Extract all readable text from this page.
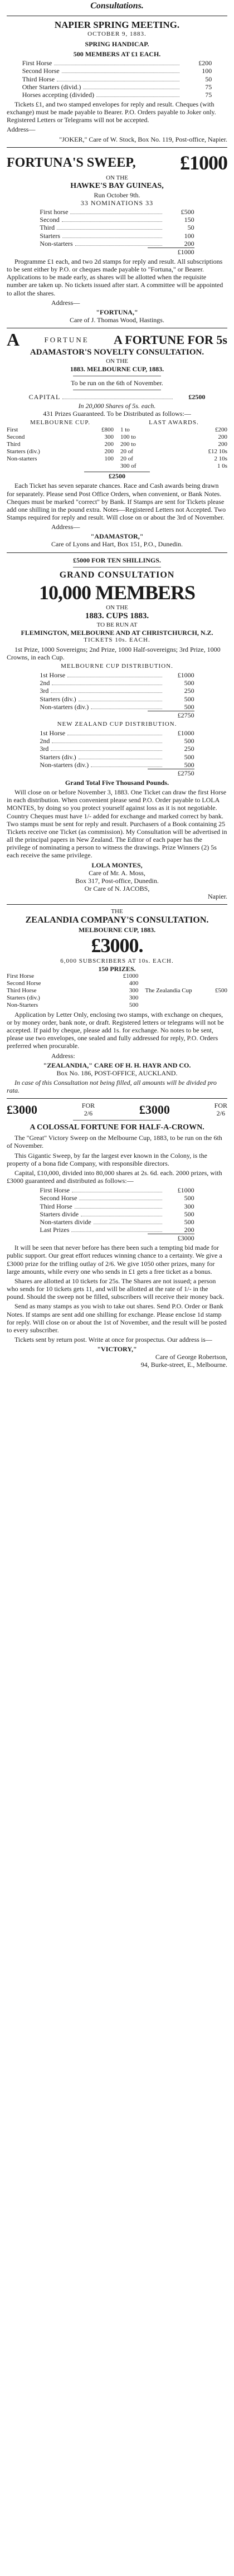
Consultations.
NAPIER SPRING MEETING.
OCTOBER 9, 1883.
SPRING HANDICAP.
500 MEMBERS AT £1 EACH.
First Horse	£200
Second Horse	100
Third Horse	50
Other Starters (divid.)	75
Horses accepting (divided)	75
Tickets £1, and two stamped envelopes for reply and result. Cheques (with exchange) must be made payable to Bearer. P.O. Orders payable to Joker only. Registered Letters or Telegrams will not be accepted.
Address—
"JOKER," Care of W. Stock, Box No. 119, Post-office, Napier.
FORTUNA'S SWEEP, £1000
ON THE
HAWKE'S BAY GUINEAS,
Run October 9th.
33 NOMINATIONS 33
First horse	£500
Second	150
Third	50
Starters	100
Non-starters	200
£1000
Programme £1 each, and two 2d stamps for reply and result. All subscriptions to be sent either by P.O. or cheques made payable to "Fortuna," or Bearer. Applications to be made early, as shares will be allotted when the requisite number are taken up. No tickets issued after start. A committee will be appointed to allot the shares.
Address—
"FORTUNA,"
Care of J. Thomas Wood, Hastings.
A	FORTUNE	A FORTUNE FOR 5s
ADAMASTOR'S NOVELTY CONSULTATION.
ON THE
1883. MELBOURNE CUP, 1883.
To be run on the 6th of November.
CAPITAL	£2500
In 20,000 Shares of 5s. each.
431 Prizes Guaranteed. To be Distributed as follows:—
MELBOURNE CUP.
First	£800
Second	300
Third	200
Starters (div.)	200
Non-starters	100
LAST AWARDS.
1 to	£200
100 to	200
200 to	200
20 of	£12 10s
20 of	2 10s
300 of	1 0s
£2500
Each Ticket has seven separate chances. Race and Cash awards being drawn for separately. Please send Post Office Orders, when convenient, or Bank Notes. Cheques must be marked "correct" by Bank. If Stamps are sent for Tickets please add one shilling in the pound extra. Notes—Registered Letters not Accepted. Two Stamps required for reply and result. Will close on or about the 3rd of November.
Address—
"ADAMASTOR,"
Care of Lyons and Hart, Box 151, P.O., Dunedin.
£5000 FOR TEN SHILLINGS.
GRAND CONSULTATION
10,000 MEMBERS
ON THE
1883. CUPS 1883.
TO BE RUN AT
FLEMINGTON, MELBOURNE AND AT CHRISTCHURCH, N.Z.
TICKETS 10s. EACH.
1st Prize, 1000 Sovereigns; 2nd Prize, 1000 Half-sovereigns; 3rd Prize, 1000 Crowns, in each Cup.
MELBOURNE CUP DISTRIBUTION.
1st Horse	£1000
2nd	500
3rd	250
Starters (div.)	500
Non-starters (div.)	500
£2750
NEW ZEALAND CUP DISTRIBUTION.
1st Horse	£1000
2nd	500
3rd	250
Starters (div.)	500
Non-starters (div.)	500
£2750
Grand Total Five Thousand Pounds.
Will close on or before November 3, 1883. One Ticket can draw the first Horse in each distribution. When convenient please send P.O. Order payable to LOLA MONTES, by doing so you protect yourself against loss as it is not negotiable. Country Cheques must have 1/- added for exchange and marked correct by bank. Two stamps must be sent for reply and result. Purchasers of a Book containing 25 Tickets receive one Ticket (as commission). My Consultation will be advertised in all the principal papers in New Zealand. The Editor of each paper has the privilege of nominating a person to witness the drawings. Prize Winners (2) 5s each receive the same privilege.
LOLA MONTES,
Care of Mr. A. Moss,
Box 317, Post-office, Dunedin.
Or Care of N. JACOBS,
Napier.
THE
ZEALANDIA COMPANY'S CONSULTATION.
MELBOURNE CUP, 1883.
£3000.
6,000 SUBSCRIBERS AT 10s. EACH.
150 PRIZES.
First Horse	£1000
Second Horse	400
Third Horse	300
Starters (div.)	300
Non-Starters	500
The Zealandia Cup	£500
Application by Letter Only, enclosing two stamps, with exchange on cheques, or by money order, bank note, or draft. Registered letters or telegrams will not be accepted. If paid by cheque, please add 1s. for exchange. No notes to be sent, please use two envelopes, one sealed and fully addressed for reply, P.O. Orders preferred when procurable.
Address:
"ZEALANDIA," CARE OF H. H. HAYR AND CO.
Box No. 186, POST-OFFICE, AUCKLAND.
In case of this Consultation not being filled, all amounts will be divided pro rata.
£3000	FOR
2/6	£3000	FOR
2/6
A COLOSSAL FORTUNE FOR HALF-A-CROWN.
The "Great" Victory Sweep on the Melbourne Cup, 1883, to be run on the 6th of November.
This Gigantic Sweep, by far the largest ever known in the Colony, is the property of a bona fide Company, with responsible directors.
Capital, £10,000, divided into 80,000 shares at 2s. 6d. each. 2000 prizes, with £3000 guaranteed and distributed as follows:—
First Horse	£1000
Second Horse	500
Third Horse	300
Starters divide	500
Non-starters divide	500
Last Prizes	200
£3000
It will be seen that never before has there been such a tempting bid made for public support. Our great effort reduces winning chance to a certainty. We give a £3000 prize for the trifling outlay of 2/6. We give 1050 other prizes, many for large amounts, while every one who sends in £1 gets a free ticket as a bonus.
Shares are allotted at 10 tickets for 25s. The Shares are not issued; a person who sends for 10 tickets gets 11, and will be allotted at the rate of 1/- in the pound. Should the sweep not be filled, subscribers will receive their money back.
Send as many stamps as you wish to take out shares. Send P.O. Order or Bank Notes. If stamps are sent add one shilling for exchange. Please enclose 1d stamp for reply. Will close on or about the 1st of November, and the result will be posted to every subscriber.
Tickets sent by return post. Write at once for prospectus. Our address is—
"VICTORY,"
Care of George Robertson,
94, Burke-street, E., Melbourne.
